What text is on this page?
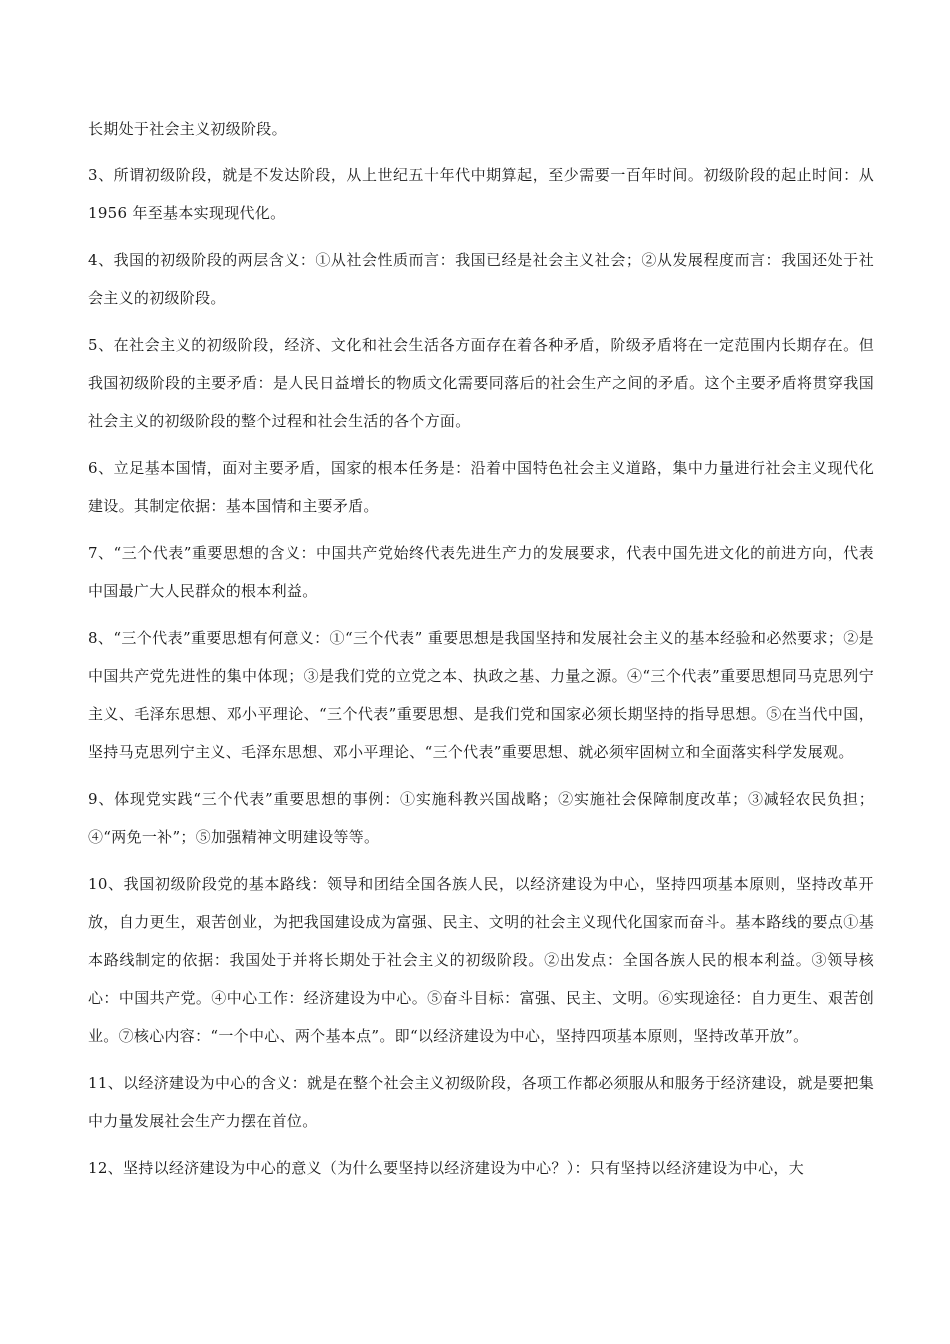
长期处于社会主义初级阶段。

3、所谓初级阶段，就是不发达阶段，从上世纪五十年代中期算起，至少需要一百年时间。初级阶段的起止时间：从 1956 年至基本实现现代化。

4、我国的初级阶段的两层含义：①从社会性质而言：我国已经是社会主义社会；②从发展程度而言：我国还处于社会主义的初级阶段。

5、在社会主义的初级阶段，经济、文化和社会生活各方面存在着各种矛盾，阶级矛盾将在一定范围内长期存在。但我国初级阶段的主要矛盾：是人民日益增长的物质文化需要同落后的社会生产之间的矛盾。这个主要矛盾将贯穿我国社会主义的初级阶段的整个过程和社会生活的各个方面。

6、立足基本国情，面对主要矛盾，国家的根本任务是：沿着中国特色社会主义道路，集中力量进行社会主义现代化建设。其制定依据：基本国情和主要矛盾。

7、“三个代表”重要思想的含义：中国共产党始终代表先进生产力的发展要求，代表中国先进文化的前进方向，代表中国最广大人民群众的根本利益。

8、“三个代表”重要思想有何意义：①“三个代表” 重要思想是我国坚持和发展社会主义的基本经验和必然要求；②是中国共产党先进性的集中体现；③是我们党的立党之本、执政之基、力量之源。④“三个代表”重要思想同马克思列宁主义、毛泽东思想、邓小平理论、“三个代表”重要思想、是我们党和国家必须长期坚持的指导思想。⑤在当代中国，坚持马克思列宁主义、毛泽东思想、邓小平理论、“三个代表”重要思想、就必须牢固树立和全面落实科学发展观。

9、体现党实践“三个代表”重要思想的事例：①实施科教兴国战略；②实施社会保障制度改革；③减轻农民负担；④“两免一补”；⑤加强精神文明建设等等。

10、我国初级阶段党的基本路线：领导和团结全国各族人民，以经济建设为中心，坚持四项基本原则，坚持改革开放，自力更生，艰苦创业，为把我国建设成为富强、民主、文明的社会主义现代化国家而奋斗。基本路线的要点①基本路线制定的依据：我国处于并将长期处于社会主义的初级阶段。②出发点：全国各族人民的根本利益。③领导核心：中国共产党。④中心工作：经济建设为中心。⑤奋斗目标：富强、民主、文明。⑥实现途径：自力更生、艰苦创业。⑦核心内容：“一个中心、两个基本点”。即“以经济建设为中心，坚持四项基本原则，坚持改革开放”。

11、以经济建设为中心的含义：就是在整个社会主义初级阶段，各项工作都必须服从和服务于经济建设，就是要把集中力量发展社会生产力摆在首位。

12、坚持以经济建设为中心的意义（为什么要坚持以经济建设为中心？）：只有坚持以经济建设为中心，大
